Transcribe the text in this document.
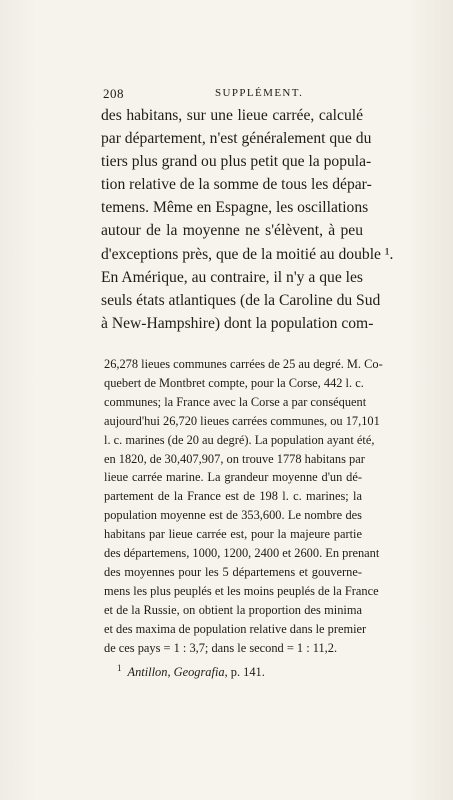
208	SUPPLÉMENT.
des habitans, sur une lieue carrée, calculé
par département, n'est généralement que du
tiers plus grand ou plus petit que la popula-
tion relative de la somme de tous les dépar-
temens. Même en Espagne, les oscillations
autour de la moyenne ne s'élèvent, à peu
d'exceptions près, que de la moitié au double ¹.
En Amérique, au contraire, il n'y a que les
seuls états atlantiques (de la Caroline du Sud
à New-Hampshire) dont la population com-
26,278 lieues communes carrées de 25 au degré. M. Co-
quebert de Montbret compte, pour la Corse, 442 l. c.
communes; la France avec la Corse a par conséquent
aujourd'hui 26,720 lieues carrées communes, ou 17,101
l. c. marines (de 20 au degré). La population ayant été,
en 1820, de 30,407,907, on trouve 1778 habitans par
lieue carrée marine. La grandeur moyenne d'un dé-
partement de la France est de 198 l. c. marines; la
population moyenne est de 353,600. Le nombre des
habitans par lieue carrée est, pour la majeure partie
des départemens, 1000, 1200, 2400 et 2600. En prenant
des moyennes pour les 5 départemens et gouverne-
mens les plus peuplés et les moins peuplés de la France
et de la Russie, on obtient la proportion des minima
et des maxima de population relative dans le premier
de ces pays = 1 : 3,7; dans le second = 1 : 11,2.
$^1$ Antillon, Geografia, p. 141.
